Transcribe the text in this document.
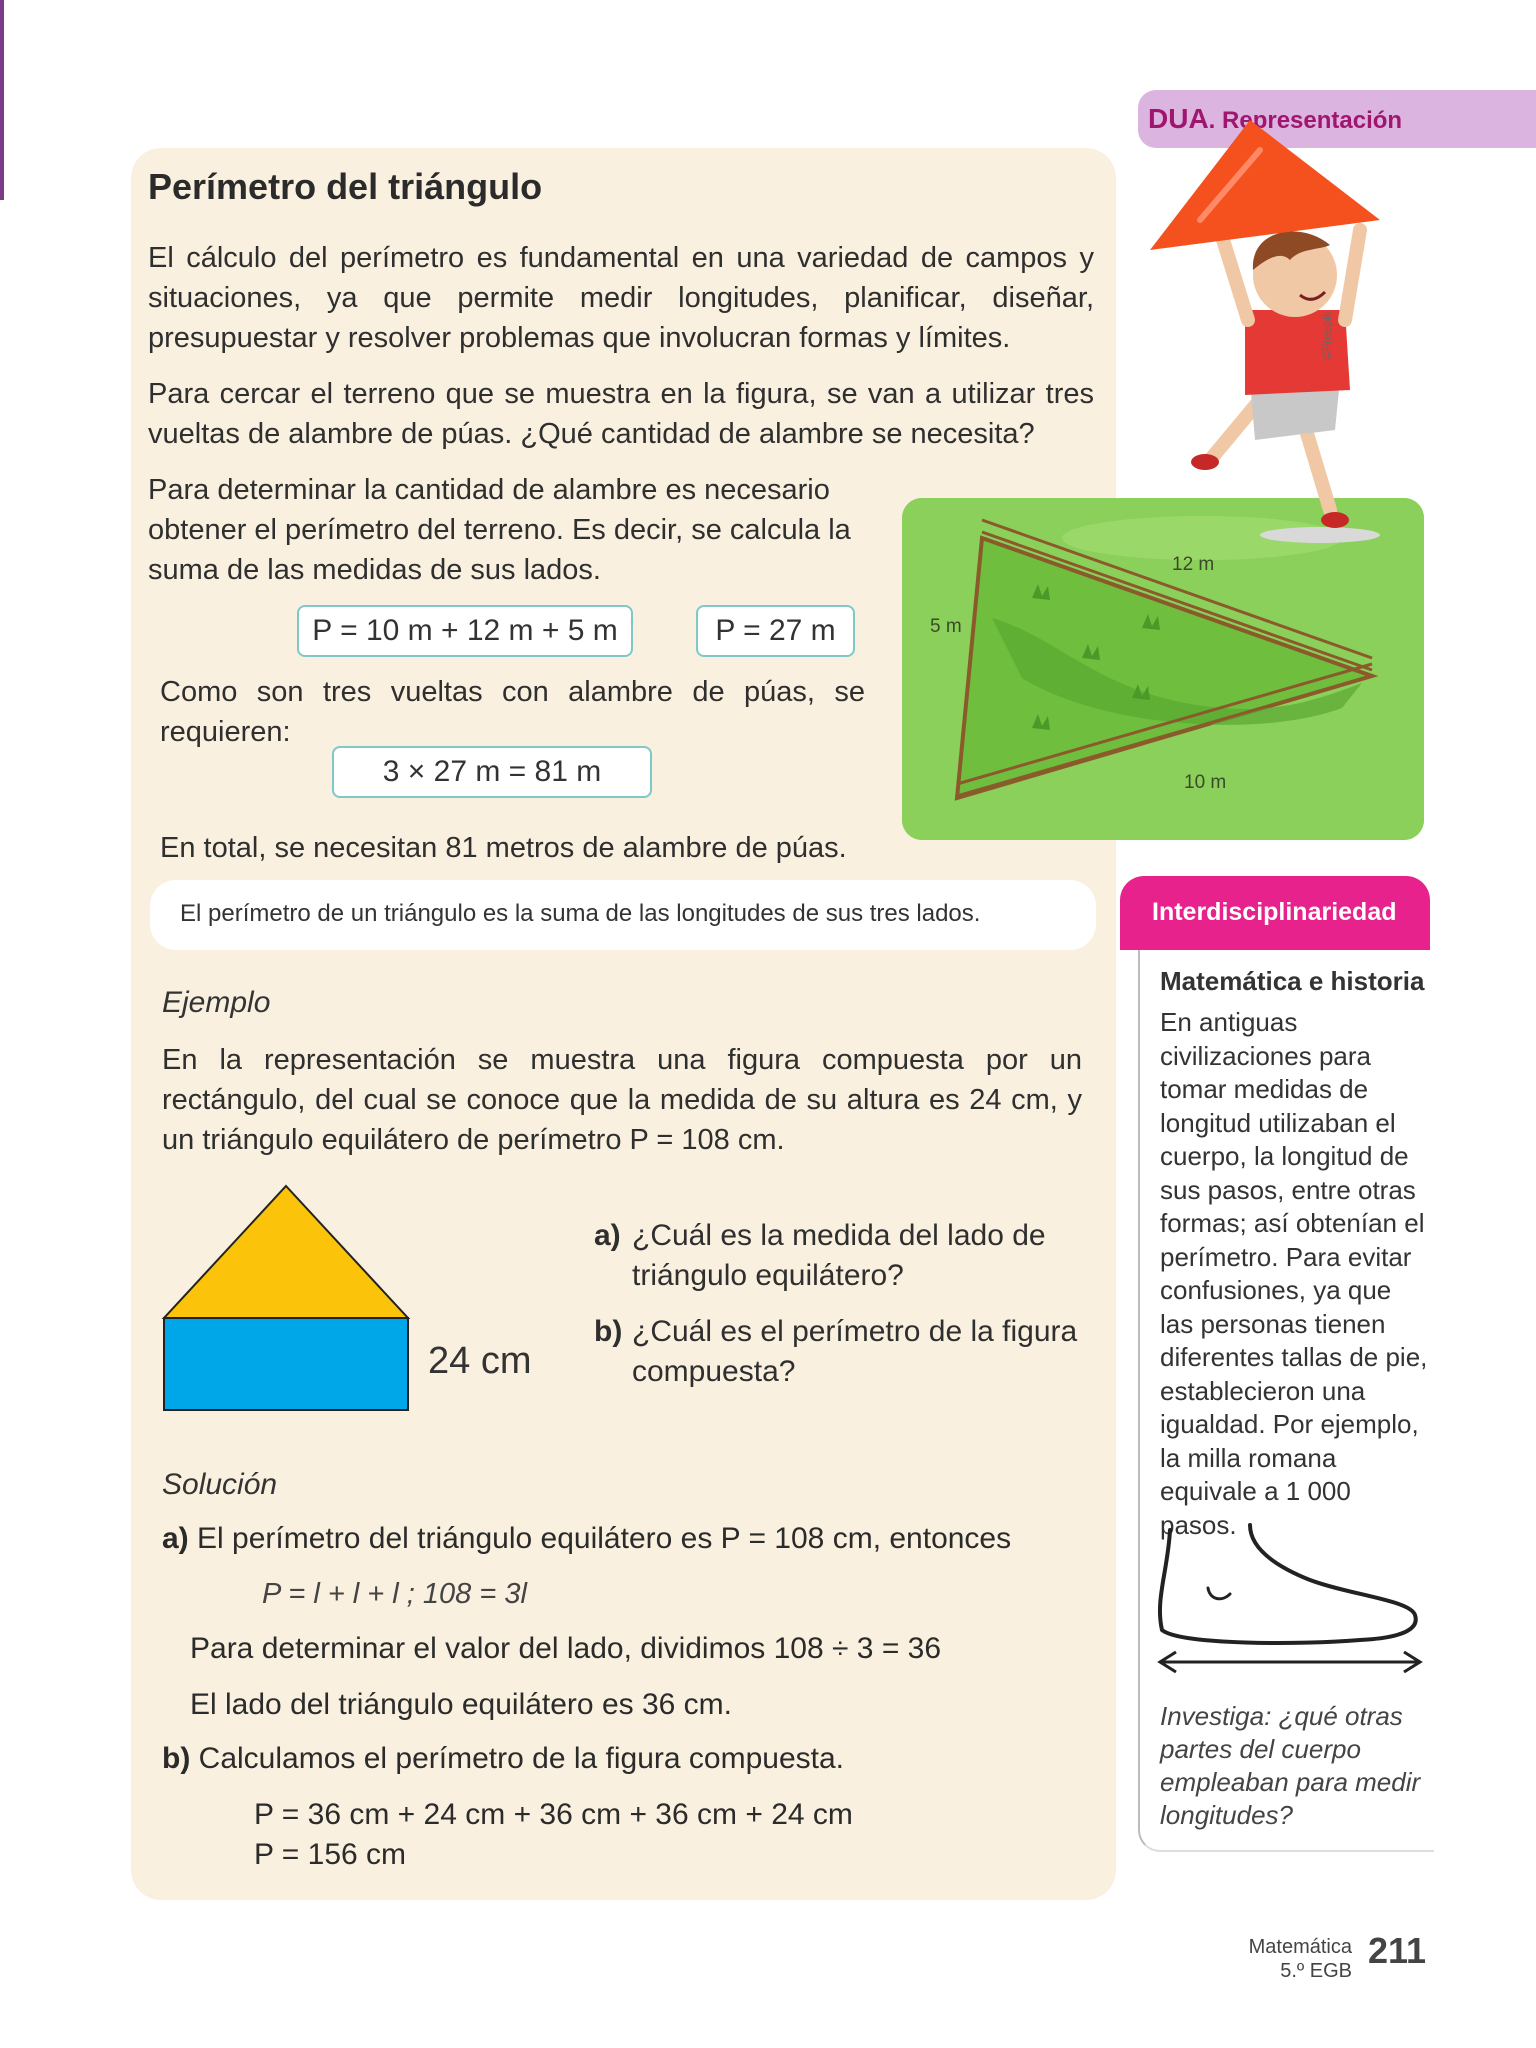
Perímetro del triángulo
El cálculo del perímetro es fundamental en una variedad de campos y situaciones, ya que permite medir longitudes, planificar, diseñar, presupuestar y resolver problemas que involucran formas y límites.
Para cercar el terreno que se muestra en la figura, se van a utilizar tres vueltas de alambre de púas. ¿Qué cantidad de alambre se necesita?
Para determinar la cantidad de alambre es necesario obtener el perímetro del terreno. Es decir, se calcula la suma de las medidas de sus lados.
P = 10 m + 12 m + 5 m	P = 27 m
Como son tres vueltas con alambre de púas, se requieren:
3 × 27 m = 81 m
En total, se necesitan 81 metros de alambre de púas.
El perímetro de un triángulo es la suma de las longitudes de sus tres lados.
12 m
5 m
10 m
Ejemplo
En la representación se muestra una figura compuesta por un rectángulo, del cual se conoce que la medida de su altura es 24 cm, y un triángulo equilátero de perímetro P = 108 cm.
24 cm
a) ¿Cuál es la medida del lado de triángulo equilátero?
b) ¿Cuál es el perímetro de la figura compuesta?
Solución
a) El perímetro del triángulo equilátero es P = 108 cm, entonces
P = l + l + l ; 108 = 3l
Para determinar el valor del lado, dividimos 108 ÷ 3 = 36
El lado del triángulo equilátero es 36 cm.
b) Calculamos el perímetro de la figura compuesta.
P = 36 cm + 24 cm + 36 cm + 36 cm + 24 cm
P = 156 cm
DUA. Representación
©Freepik
Interdisciplinariedad
Matemática e historia
En antiguas civilizaciones para tomar medidas de longitud utilizaban el cuerpo, la longitud de sus pasos, entre otras formas; así obtenían el perímetro. Para evitar confusiones, ya que las personas tienen diferentes tallas de pie, establecieron una igualdad. Por ejemplo, la milla romana equivale a 1 000 pasos.
Investiga: ¿qué otras partes del cuerpo empleaban para medir longitudes?
Matemática
5.º EGB 211
